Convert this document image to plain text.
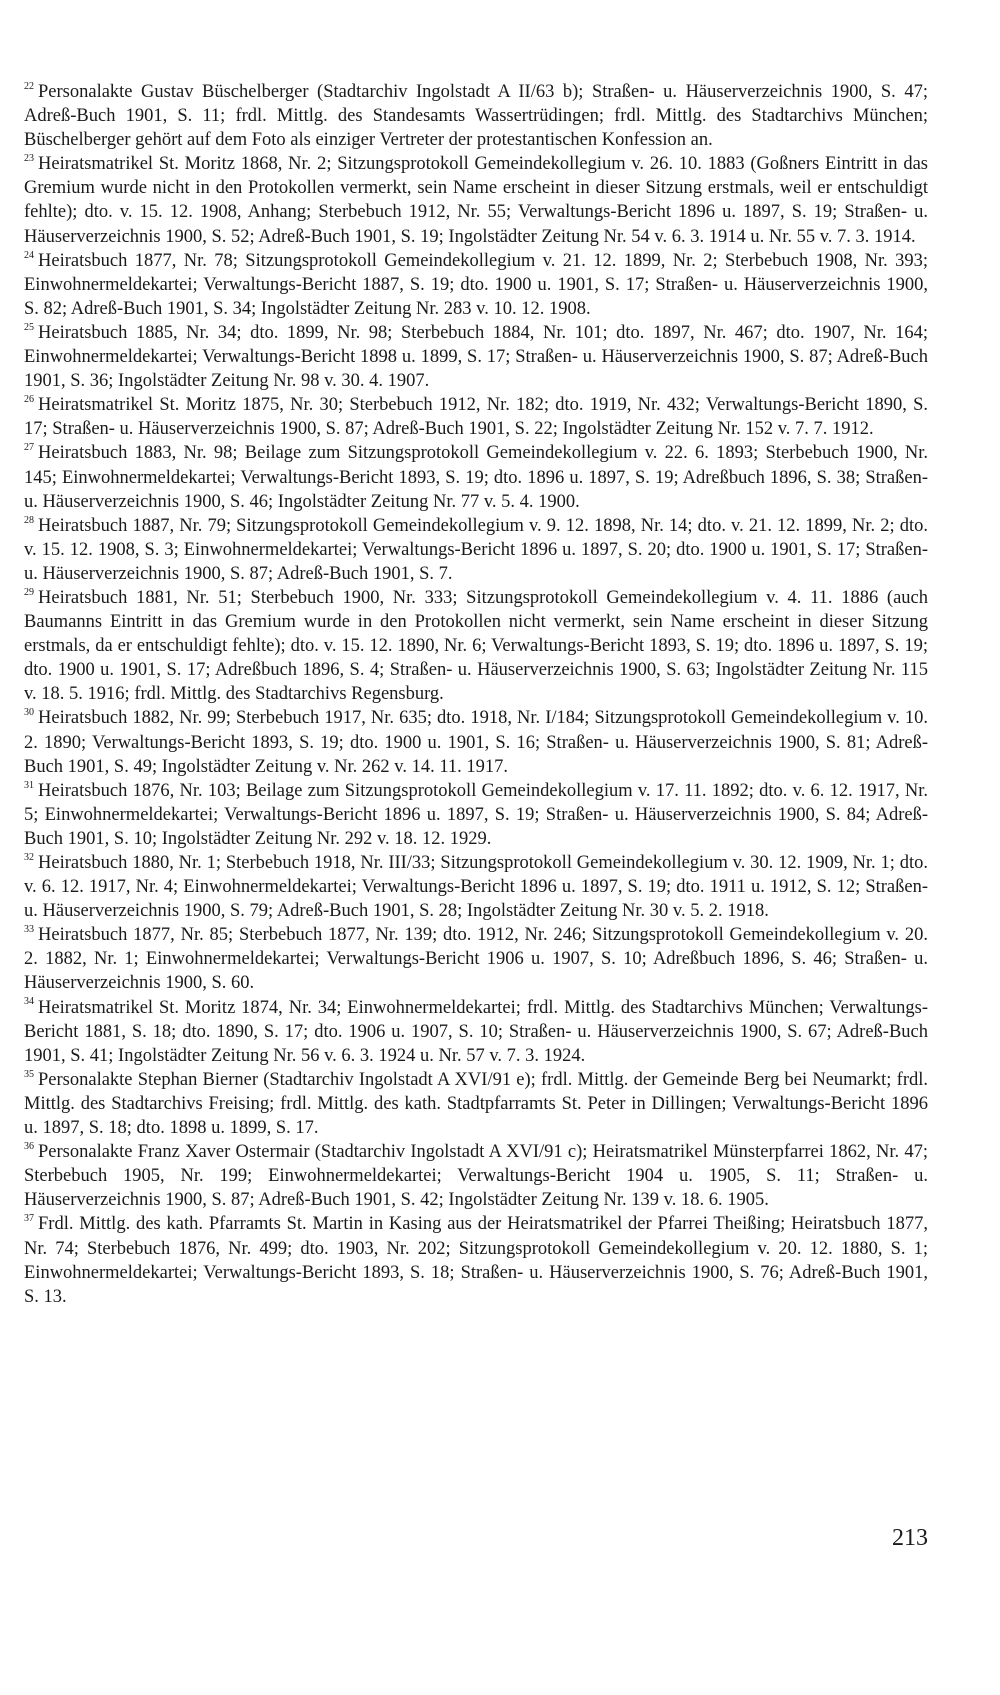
$^{22}$ Personalakte Gustav Büschelberger (Stadtarchiv Ingolstadt A II/63 b); Straßen- u. Häuserverzeichnis 1900, S. 47; Adreß-Buch 1901, S. 11; frdl. Mittlg. des Standesamts Wassertrüdingen; frdl. Mittlg. des Stadtarchivs München; Büschelberger gehört auf dem Foto als einziger Vertreter der protestantischen Konfession an.

$^{23}$ Heiratsmatrikel St. Moritz 1868, Nr. 2; Sitzungsprotokoll Gemeindekollegium v. 26. 10. 1883 (Goßners Eintritt in das Gremium wurde nicht in den Protokollen vermerkt, sein Name erscheint in dieser Sitzung erstmals, weil er entschuldigt fehlte); dto. v. 15. 12. 1908, Anhang; Sterbebuch 1912, Nr. 55; Verwaltungs-Bericht 1896 u. 1897, S. 19; Straßen- u. Häuserverzeichnis 1900, S. 52; Adreß-Buch 1901, S. 19; Ingolstädter Zeitung Nr. 54 v. 6. 3. 1914 u. Nr. 55 v. 7. 3. 1914.

$^{24}$ Heiratsbuch 1877, Nr. 78; Sitzungsprotokoll Gemeindekollegium v. 21. 12. 1899, Nr. 2; Sterbebuch 1908, Nr. 393; Einwohnermeldekartei; Verwaltungs-Bericht 1887, S. 19; dto. 1900 u. 1901, S. 17; Straßen- u. Häuserverzeichnis 1900, S. 82; Adreß-Buch 1901, S. 34; Ingolstädter Zeitung Nr. 283 v. 10. 12. 1908.

$^{25}$ Heiratsbuch 1885, Nr. 34; dto. 1899, Nr. 98; Sterbebuch 1884, Nr. 101; dto. 1897, Nr. 467; dto. 1907, Nr. 164; Einwohnermeldekartei; Verwaltungs-Bericht 1898 u. 1899, S. 17; Straßen- u. Häuserverzeichnis 1900, S. 87; Adreß-Buch 1901, S. 36; Ingolstädter Zeitung Nr. 98 v. 30. 4. 1907.

$^{26}$ Heiratsmatrikel St. Moritz 1875, Nr. 30; Sterbebuch 1912, Nr. 182; dto. 1919, Nr. 432; Verwaltungs-Bericht 1890, S. 17; Straßen- u. Häuserverzeichnis 1900, S. 87; Adreß-Buch 1901, S. 22; Ingolstädter Zeitung Nr. 152 v. 7. 7. 1912.

$^{27}$ Heiratsbuch 1883, Nr. 98; Beilage zum Sitzungsprotokoll Gemeindekollegium v. 22. 6. 1893; Sterbebuch 1900, Nr. 145; Einwohnermeldekartei; Verwaltungs-Bericht 1893, S. 19; dto. 1896 u. 1897, S. 19; Adreßbuch 1896, S. 38; Straßen- u. Häuserverzeichnis 1900, S. 46; Ingolstädter Zeitung Nr. 77 v. 5. 4. 1900.

$^{28}$ Heiratsbuch 1887, Nr. 79; Sitzungsprotokoll Gemeindekollegium v. 9. 12. 1898, Nr. 14; dto. v. 21. 12. 1899, Nr. 2; dto. v. 15. 12. 1908, S. 3; Einwohnermeldekartei; Verwaltungs-Bericht 1896 u. 1897, S. 20; dto. 1900 u. 1901, S. 17; Straßen- u. Häuserverzeichnis 1900, S. 87; Adreß-Buch 1901, S. 7.

$^{29}$ Heiratsbuch 1881, Nr. 51; Sterbebuch 1900, Nr. 333; Sitzungsprotokoll Gemeindekollegium v. 4. 11. 1886 (auch Baumanns Eintritt in das Gremium wurde in den Protokollen nicht vermerkt, sein Name erscheint in dieser Sitzung erstmals, da er entschuldigt fehlte); dto. v. 15. 12. 1890, Nr. 6; Verwaltungs-Bericht 1893, S. 19; dto. 1896 u. 1897, S. 19; dto. 1900 u. 1901, S. 17; Adreßbuch 1896, S. 4; Straßen- u. Häuserverzeichnis 1900, S. 63; Ingolstädter Zeitung Nr. 115 v. 18. 5. 1916; frdl. Mittlg. des Stadtarchivs Regensburg.

$^{30}$ Heiratsbuch 1882, Nr. 99; Sterbebuch 1917, Nr. 635; dto. 1918, Nr. I/184; Sitzungsprotokoll Gemeindekollegium v. 10. 2. 1890; Verwaltungs-Bericht 1893, S. 19; dto. 1900 u. 1901, S. 16; Straßen- u. Häuserverzeichnis 1900, S. 81; Adreß-Buch 1901, S. 49; Ingolstädter Zeitung v. Nr. 262 v. 14. 11. 1917.

$^{31}$ Heiratsbuch 1876, Nr. 103; Beilage zum Sitzungsprotokoll Gemeindekollegium v. 17. 11. 1892; dto. v. 6. 12. 1917, Nr. 5; Einwohnermeldekartei; Verwaltungs-Bericht 1896 u. 1897, S. 19; Straßen- u. Häuserverzeichnis 1900, S. 84; Adreß-Buch 1901, S. 10; Ingolstädter Zeitung Nr. 292 v. 18. 12. 1929.

$^{32}$ Heiratsbuch 1880, Nr. 1; Sterbebuch 1918, Nr. III/33; Sitzungsprotokoll Gemeindekollegium v. 30. 12. 1909, Nr. 1; dto. v. 6. 12. 1917, Nr. 4; Einwohnermeldekartei; Verwaltungs-Bericht 1896 u. 1897, S. 19; dto. 1911 u. 1912, S. 12; Straßen- u. Häuserverzeichnis 1900, S. 79; Adreß-Buch 1901, S. 28; Ingolstädter Zeitung Nr. 30 v. 5. 2. 1918.

$^{33}$ Heiratsbuch 1877, Nr. 85; Sterbebuch 1877, Nr. 139; dto. 1912, Nr. 246; Sitzungsprotokoll Gemeindekollegium v. 20. 2. 1882, Nr. 1; Einwohnermeldekartei; Verwaltungs-Bericht 1906 u. 1907, S. 10; Adreßbuch 1896, S. 46; Straßen- u. Häuserverzeichnis 1900, S. 60.

$^{34}$ Heiratsmatrikel St. Moritz 1874, Nr. 34; Einwohnermeldekartei; frdl. Mittlg. des Stadtarchivs München; Verwaltungs-Bericht 1881, S. 18; dto. 1890, S. 17; dto. 1906 u. 1907, S. 10; Straßen- u. Häuserverzeichnis 1900, S. 67; Adreß-Buch 1901, S. 41; Ingolstädter Zeitung Nr. 56 v. 6. 3. 1924 u. Nr. 57 v. 7. 3. 1924.

$^{35}$ Personalakte Stephan Bierner (Stadtarchiv Ingolstadt A XVI/91 e); frdl. Mittlg. der Gemeinde Berg bei Neumarkt; frdl. Mittlg. des Stadtarchivs Freising; frdl. Mittlg. des kath. Stadtpfarramts St. Peter in Dillingen; Verwaltungs-Bericht 1896 u. 1897, S. 18; dto. 1898 u. 1899, S. 17.

$^{36}$ Personalakte Franz Xaver Ostermair (Stadtarchiv Ingolstadt A XVI/91 c); Heiratsmatrikel Münsterpfarrei 1862, Nr. 47; Sterbebuch 1905, Nr. 199; Einwohnermeldekartei; Verwaltungs-Bericht 1904 u. 1905, S. 11; Straßen- u. Häuserverzeichnis 1900, S. 87; Adreß-Buch 1901, S. 42; Ingolstädter Zeitung Nr. 139 v. 18. 6. 1905.

$^{37}$ Frdl. Mittlg. des kath. Pfarramts St. Martin in Kasing aus der Heiratsmatrikel der Pfarrei Theißing; Heiratsbuch 1877, Nr. 74; Sterbebuch 1876, Nr. 499; dto. 1903, Nr. 202; Sitzungsprotokoll Gemeindekollegium v. 20. 12. 1880, S. 1; Einwohnermeldekartei; Verwaltungs-Bericht 1893, S. 18; Straßen- u. Häuserverzeichnis 1900, S. 76; Adreß-Buch 1901, S. 13.

213
